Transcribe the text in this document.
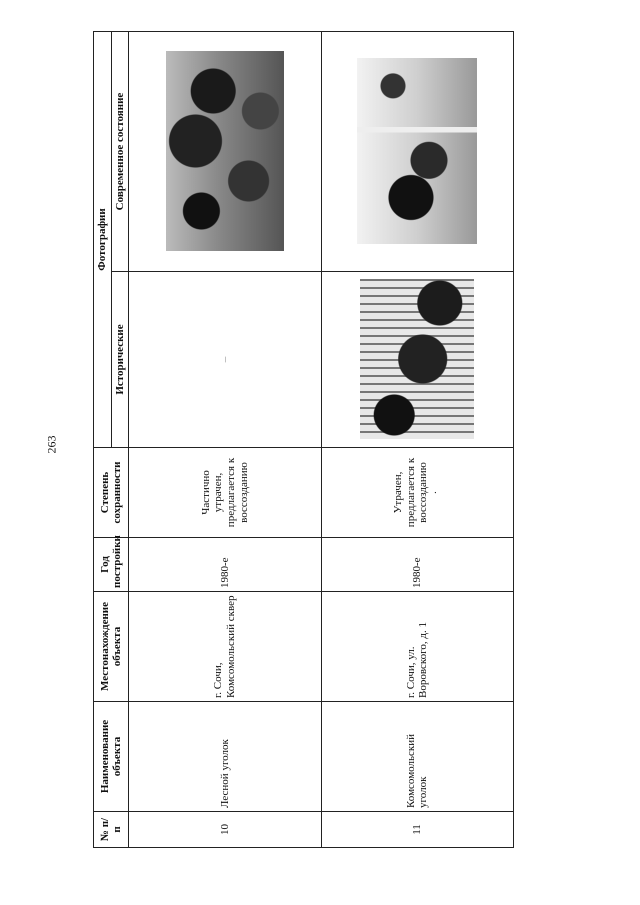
263
№ п/п	Наименование объекта	Местонахождение объекта	Год постройки	Степень сохранности	Фотографии	
					Исторические	Современное состояние
10	Лесной уголок	г. Сочи, Комсомольский сквер	1980-е	Частично утрачен, предлагается к воссозданию	–	

11	Комсомольский уголок	г. Сочи, ул. Воровского, д. 1	1980-е	Утрачен, предлагается к воссозданию ·		
